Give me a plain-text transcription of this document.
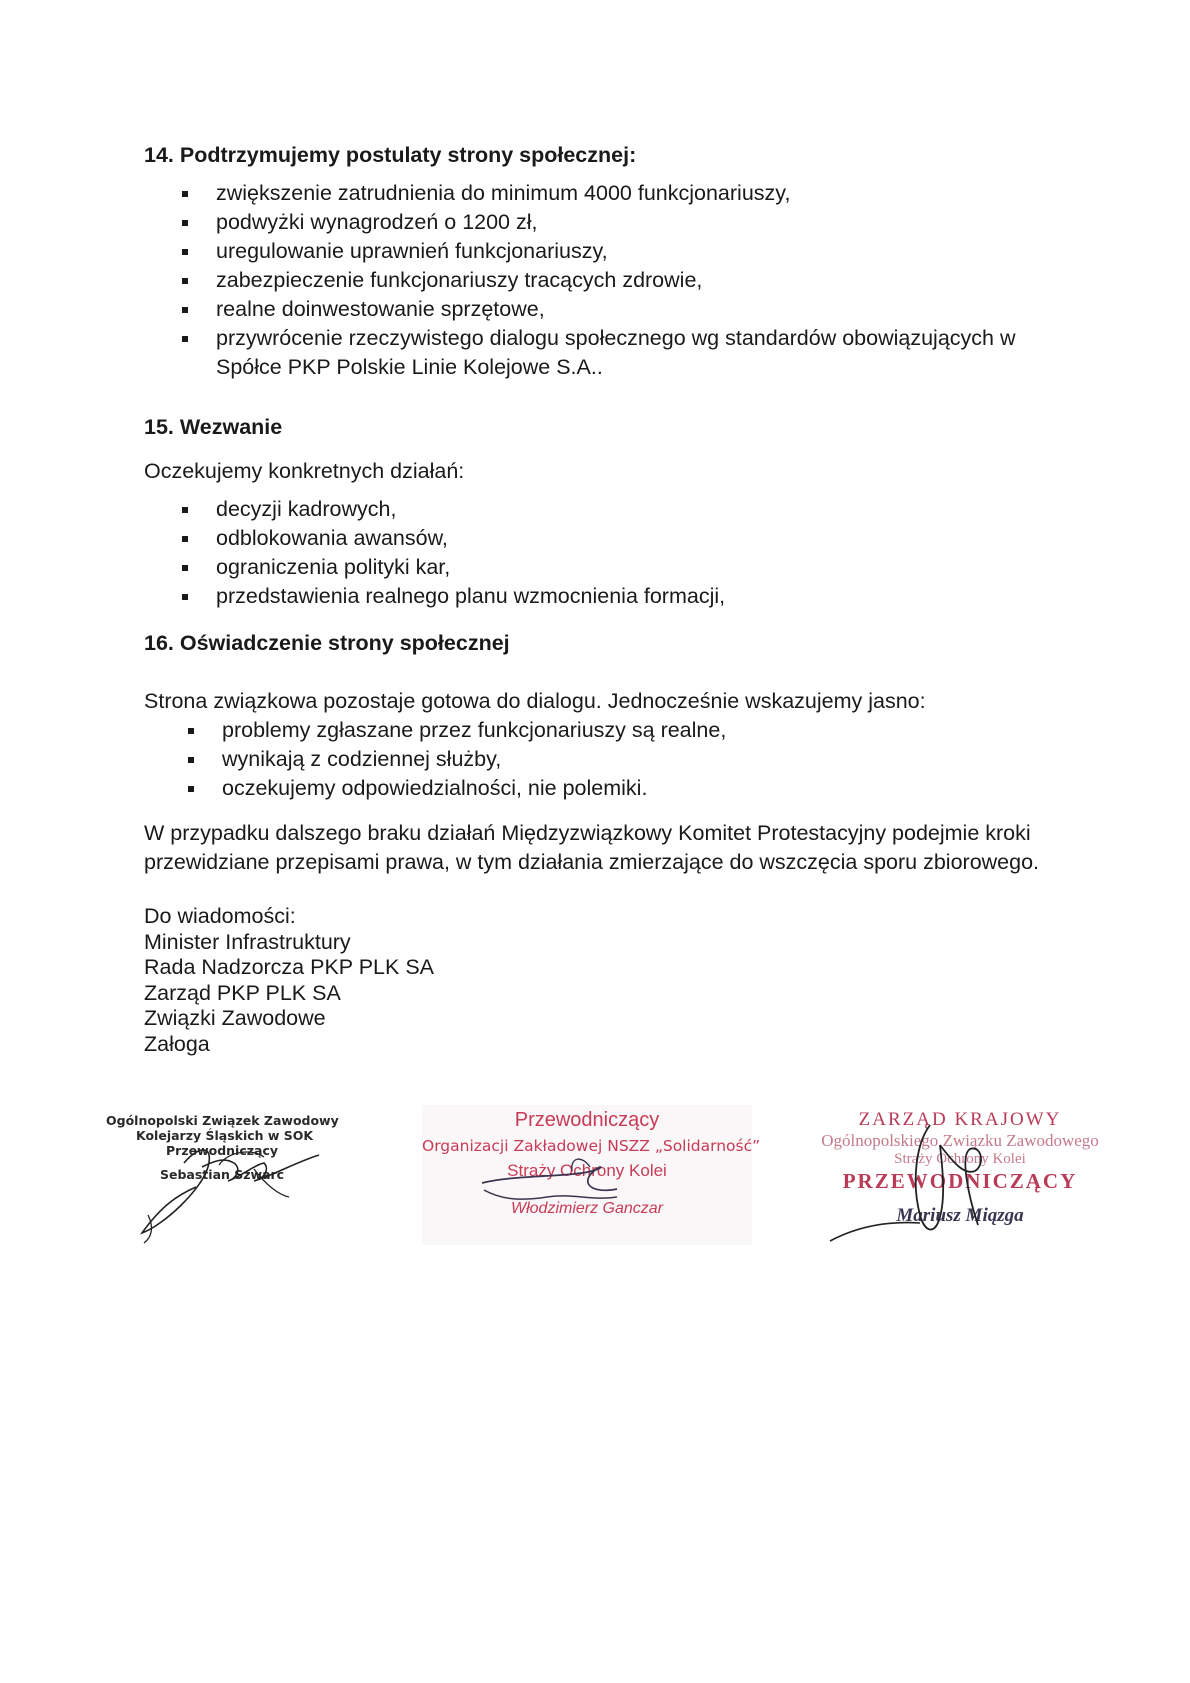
14. Podtrzymujemy postulaty strony społecznej:
zwiększenie zatrudnienia do minimum 4000 funkcjonariuszy,
podwyżki wynagrodzeń o 1200 zł,
uregulowanie uprawnień funkcjonariuszy,
zabezpieczenie funkcjonariuszy tracących zdrowie,
realne doinwestowanie sprzętowe,
przywrócenie rzeczywistego dialogu społecznego wg standardów obowiązujących w Spółce PKP Polskie Linie Kolejowe S.A..
15. Wezwanie
Oczekujemy konkretnych działań:
decyzji kadrowych,
odblokowania awansów,
ograniczenia polityki kar,
przedstawienia realnego planu wzmocnienia formacji,
16. Oświadczenie strony społecznej
Strona związkowa pozostaje gotowa do dialogu. Jednocześnie wskazujemy jasno:
problemy zgłaszane przez funkcjonariuszy są realne,
wynikają z codziennej służby,
oczekujemy odpowiedzialności, nie polemiki.
W przypadku dalszego braku działań Międzyzwiązkowy Komitet Protestacyjny podejmie kroki przewidziane przepisami prawa, w tym działania zmierzające do wszczęcia sporu zbiorowego.
Do wiadomości:
Minister Infrastruktury
Rada Nadzorcza PKP PLK SA
Zarząd PKP PLK SA
Związki Zawodowe
Załoga
Ogólnopolski Związek Zawodowy
Kolejarzy Śląskich w SOK
Przewodniczący
Sebastian Szwarc
Przewodniczący
Organizacji Zakładowej NSZZ „Solidarność”
Straży Ochrony Kolei
Włodzimierz Ganczar
ZARZĄD KRAJOWY
Ogólnopolskiego Związku Zawodowego
Straży Ochrony Kolei
PRZEWODNICZĄCY
Mariusz Miązga
